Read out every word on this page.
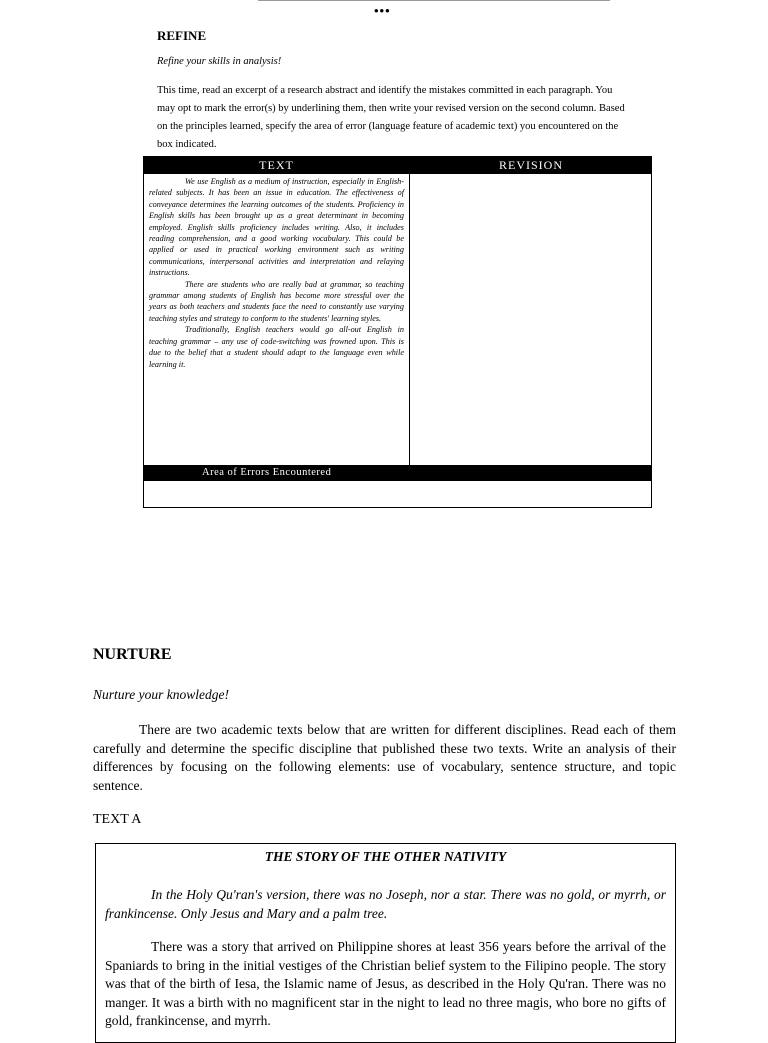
•••
REFINE
Refine your skills in analysis!

This time, read an excerpt of a research abstract and identify the mistakes committed in each paragraph. You may opt to mark the error(s) by underlining them, then write your revised version on the second column. Based on the principles learned, specify the area of error (language feature of academic text) you encountered on the box indicated.

TEXT	REVISION

We use English as a medium of instruction, especially in English-related subjects. It has been an issue in education. The effectiveness of conveyance determines the learning outcomes of the students. Proficiency in English skills has been brought up as a great determinant in becoming employed. English skills proficiency includes writing. Also, it includes reading comprehension, and a good working vocabulary. This could be applied or used in practical working environment such as writing communications, interpersonal activities and interpretation and relaying instructions.

There are students who are really bad at grammar, so teaching grammar among students of English has become more stressful over the years as both teachers and students face the need to constantly use varying teaching styles and strategy to conform to the students' learning styles.

Traditionally, English teachers would go all-out English in teaching grammar – any use of code-switching was frowned upon. This is due to the belief that a student should adapt to the language even while learning it.

Area of Errors Encountered
NURTURE
Nurture your knowledge!

There are two academic texts below that are written for different disciplines. Read each of them carefully and determine the specific discipline that published these two texts. Write an analysis of their differences by focusing on the following elements: use of vocabulary, sentence structure, and topic sentence.

TEXT A
THE STORY OF THE OTHER NATIVITY

In the Holy Qu'ran's version, there was no Joseph, nor a star. There was no gold, or myrrh, or frankincense. Only Jesus and Mary and a palm tree.

There was a story that arrived on Philippine shores at least 356 years before the arrival of the Spaniards to bring in the initial vestiges of the Christian belief system to the Filipino people. The story was that of the birth of Iesa, the Islamic name of Jesus, as described in the Holy Qu'ran. There was no manger. It was a birth with no magnificent star in the night to lead no three magis, who bore no gifts of gold, frankincense, and myrrh.
